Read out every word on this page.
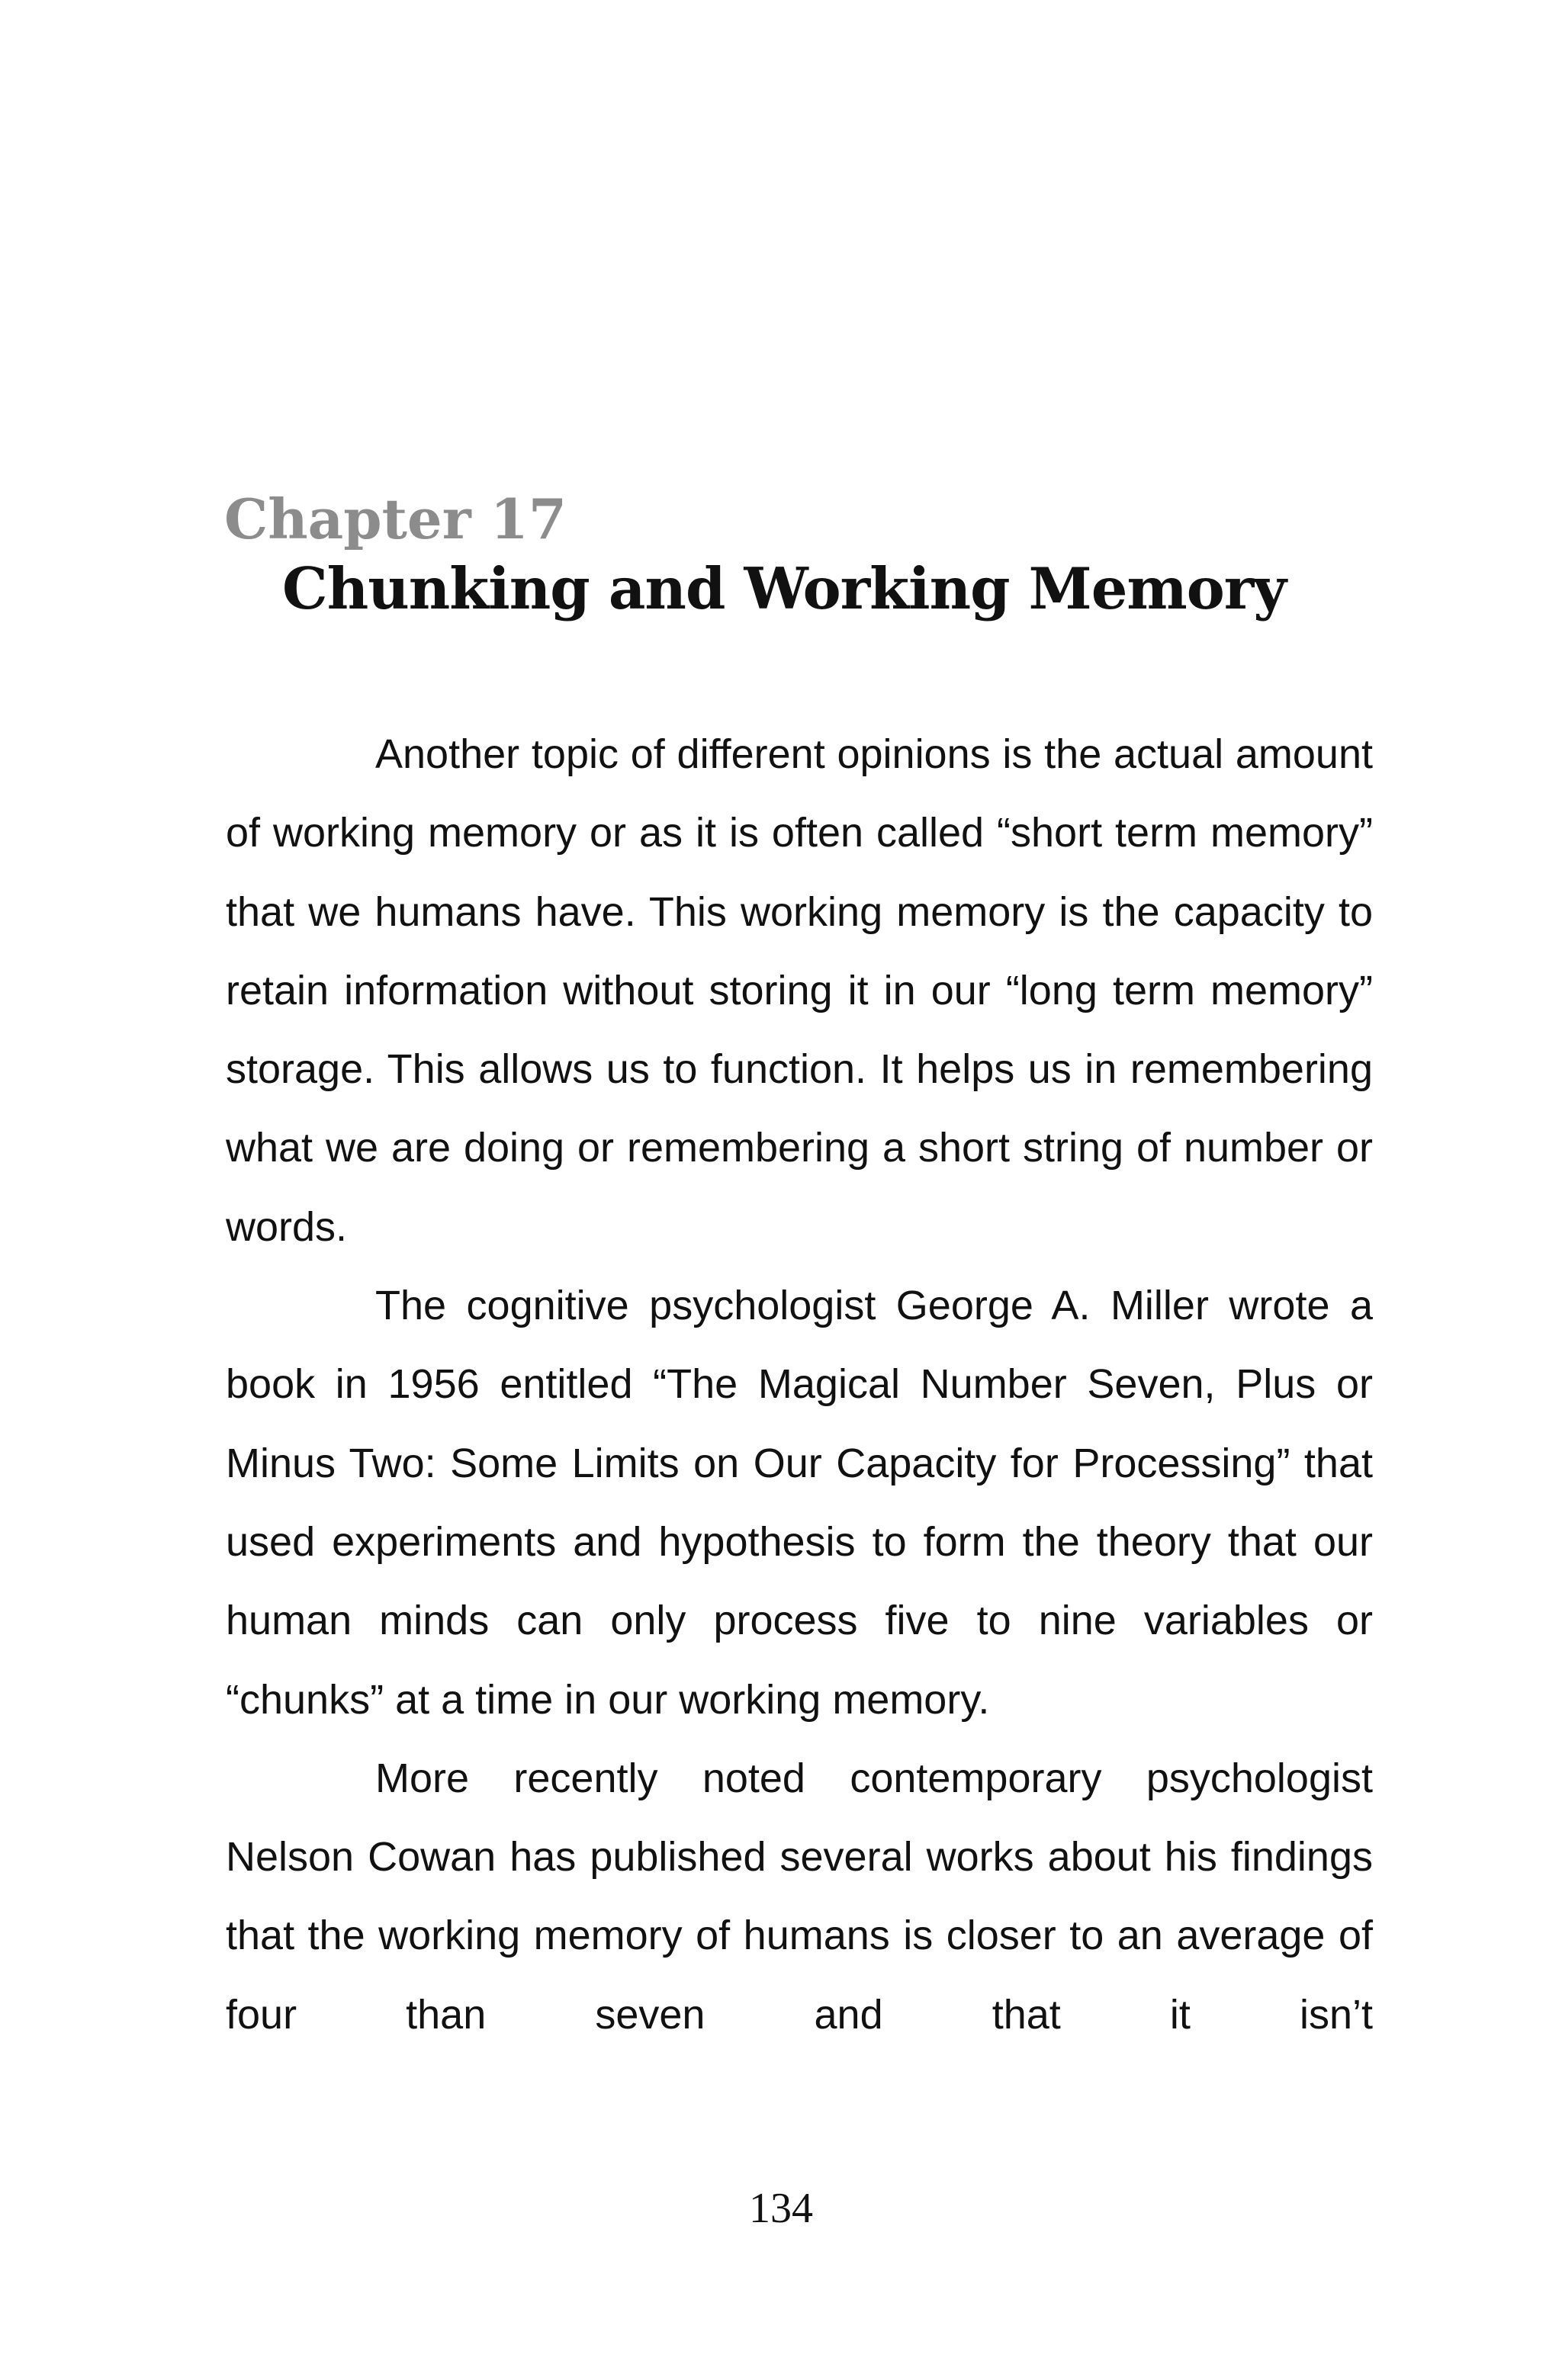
Chapter 17
Chunking and Working Memory

Another topic of different opinions is the actual amount of working memory or as it is often called “short term memory” that we humans have. This working memory is the capacity to retain information without storing it in our “long term memory” storage. This allows us to function. It helps us in remembering what we are doing or remembering a short string of number or words.

The cognitive psychologist George A. Miller wrote a book in 1956 entitled “The Magical Number Seven, Plus or Minus Two: Some Limits on Our Capacity for Processing” that used experiments and hypothesis to form the theory that our human minds can only process five to nine variables or “chunks” at a time in our working memory.

More recently noted contemporary psychologist Nelson Cowan has published several works about his findings that the working memory of humans is closer to an average of four than seven and that it isn’t

134
